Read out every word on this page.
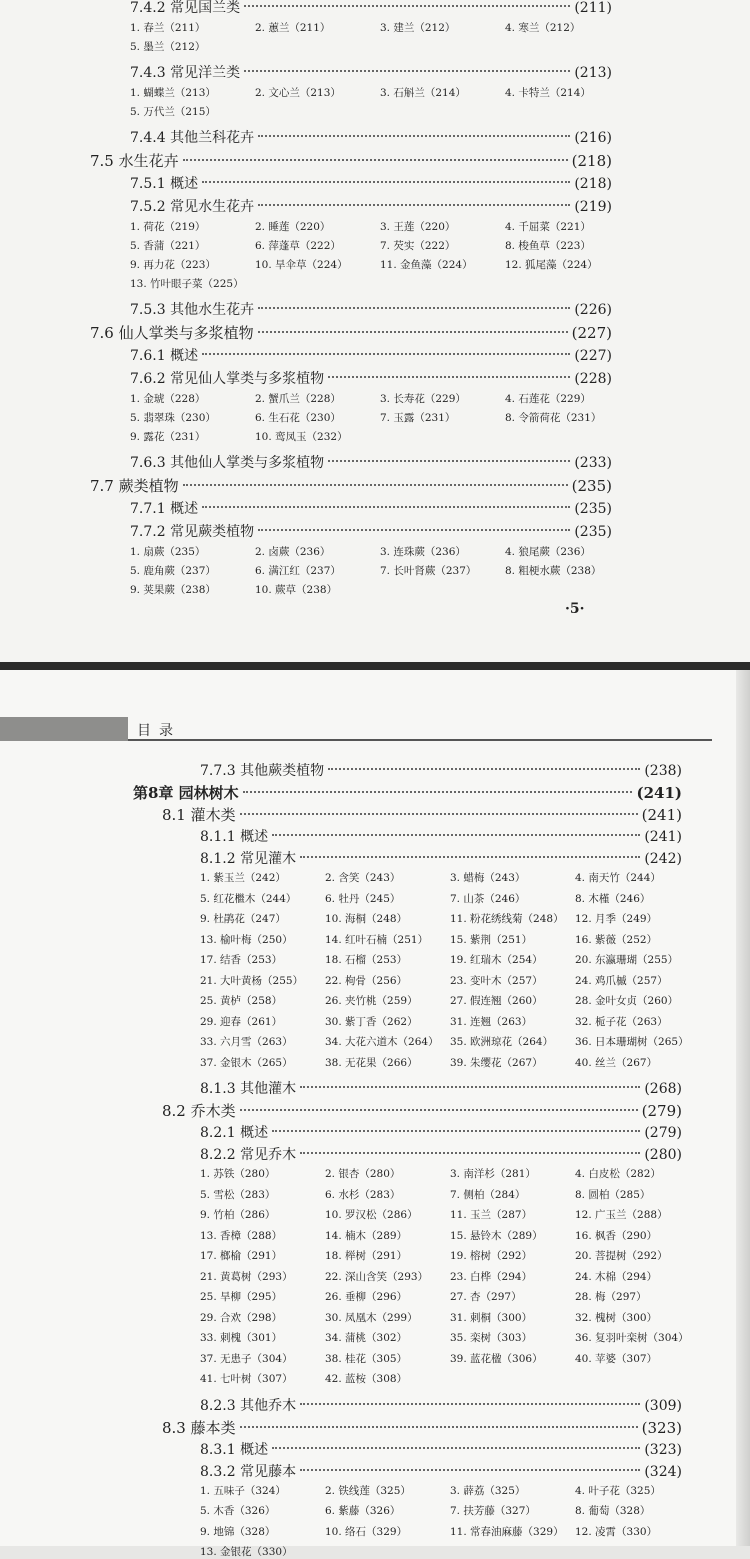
7.4.2 常见国兰类	(211)
1. 春兰（211）	2. 蕙兰（211）	3. 建兰（212）	4. 寒兰（212）
5. 墨兰（212）
7.4.3 常见洋兰类	(213)
1. 蝴蝶兰（213）	2. 文心兰（213）	3. 石斛兰（214）	4. 卡特兰（214）
5. 万代兰（215）
7.4.4 其他兰科花卉	(216)
7.5 水生花卉	(218)
7.5.1 概述	(218)
7.5.2 常见水生花卉	(219)
1. 荷花（219）	2. 睡莲（220）	3. 王莲（220）	4. 千屈菜（221）
5. 香蒲（221）	6. 萍蓬草（222）	7. 芡实（222）	8. 梭鱼草（223）
9. 再力花（223）	10. 旱伞草（224）	11. 金鱼藻（224）	12. 狐尾藻（224）
13. 竹叶眼子菜（225）
7.5.3 其他水生花卉	(226)
7.6 仙人掌类与多浆植物	(227)
7.6.1 概述	(227)
7.6.2 常见仙人掌类与多浆植物	(228)
1. 金琥（228）	2. 蟹爪兰（228）	3. 长寿花（229）	4. 石莲花（229）
5. 翡翠珠（230）	6. 生石花（230）	7. 玉露（231）	8. 令箭荷花（231）
9. 露花（231）	10. 鸾凤玉（232）
7.6.3 其他仙人掌类与多浆植物	(233)
7.7 蕨类植物	(235)
7.7.1 概述	(235)
7.7.2 常见蕨类植物	(235)
1. 扇蕨（235）	2. 卤蕨（236）	3. 连珠蕨（236）	4. 狼尾蕨（236）
5. 鹿角蕨（237）	6. 满江红（237）	7. 长叶肾蕨（237）	8. 粗梗水蕨（238）
9. 荚果蕨（238）	10. 蕨草（238）
·5·
目录
7.7.3 其他蕨类植物	(238)
第8章 园林树木	(241)
8.1 灌木类	(241)
8.1.1 概述	(241)
8.1.2 常见灌木	(242)
1. 紫玉兰（242）	2. 含笑（243）	3. 蜡梅（243）	4. 南天竹（244）
5. 红花檵木（244）	6. 牡丹（245）	7. 山茶（246）	8. 木槿（246）
9. 杜鹃花（247）	10. 海桐（248）	11. 粉花绣线菊（248） 12. 月季（249）
13. 榆叶梅（250）	14. 红叶石楠（251） 15. 紫荆（251）	16. 紫薇（252）
17. 结香（253）	18. 石榴（253）	19. 红瑞木（254）	20. 东瀛珊瑚（255）
21. 大叶黄杨（255） 22. 枸骨（256）	23. 变叶木（257）	24. 鸡爪槭（257）
25. 黄栌（258）	26. 夹竹桃（259）	27. 假连翘（260）	28. 金叶女贞（260）
29. 迎春（261）	30. 紫丁香（262）	31. 连翘（263）	32. 栀子花（263）
33. 六月雪（263）	34. 大花六道木（264） 35. 欧洲琼花（264） 36. 日本珊瑚树（265）
37. 金银木（265）	38. 无花果（266）	39. 朱缨花（267）	40. 丝兰（267）
8.1.3 其他灌木	(268)
8.2 乔木类	(279)
8.2.1 概述	(279)
8.2.2 常见乔木	(280)
1. 苏铁（280）	2. 银杏（280）	3. 南洋杉（281）	4. 白皮松（282）
5. 雪松（283）	6. 水杉（283）	7. 侧柏（284）	8. 圆柏（285）
9. 竹柏（286）	10. 罗汉松（286）	11. 玉兰（287）	12. 广玉兰（288）
13. 香樟（288）	14. 楠木（289）	15. 悬铃木（289）	16. 枫香（290）
17. 榔榆（291）	18. 榉树（291）	19. 榕树（292）	20. 菩提树（292）
21. 黄葛树（293）	22. 深山含笑（293） 23. 白桦（294）	24. 木棉（294）
25. 旱柳（295）	26. 垂柳（296）	27. 杏（297）	28. 梅（297）
29. 合欢（298）	30. 凤凰木（299）	31. 刺桐（300）	32. 槐树（300）
33. 刺槐（301）	34. 蒲桃（302）	35. 栾树（303）	36. 复羽叶栾树（304）
37. 无患子（304）	38. 桂花（305）	39. 蓝花楹（306）	40. 苹婆（307）
41. 七叶树（307）	42. 蓝桉（308）
8.2.3 其他乔木	(309)
8.3 藤本类	(323)
8.3.1 概述	(323)
8.3.2 常见藤本	(324)
1. 五味子（324）	2. 铁线莲（325）	3. 薜荔（325）	4. 叶子花（325）
5. 木香（326）	6. 紫藤（326）	7. 扶芳藤（327）	8. 葡萄（328）
9. 地锦（328）	10. 络石（329）	11. 常春油麻藤（329） 12. 凌霄（330）
13. 金银花（330）
